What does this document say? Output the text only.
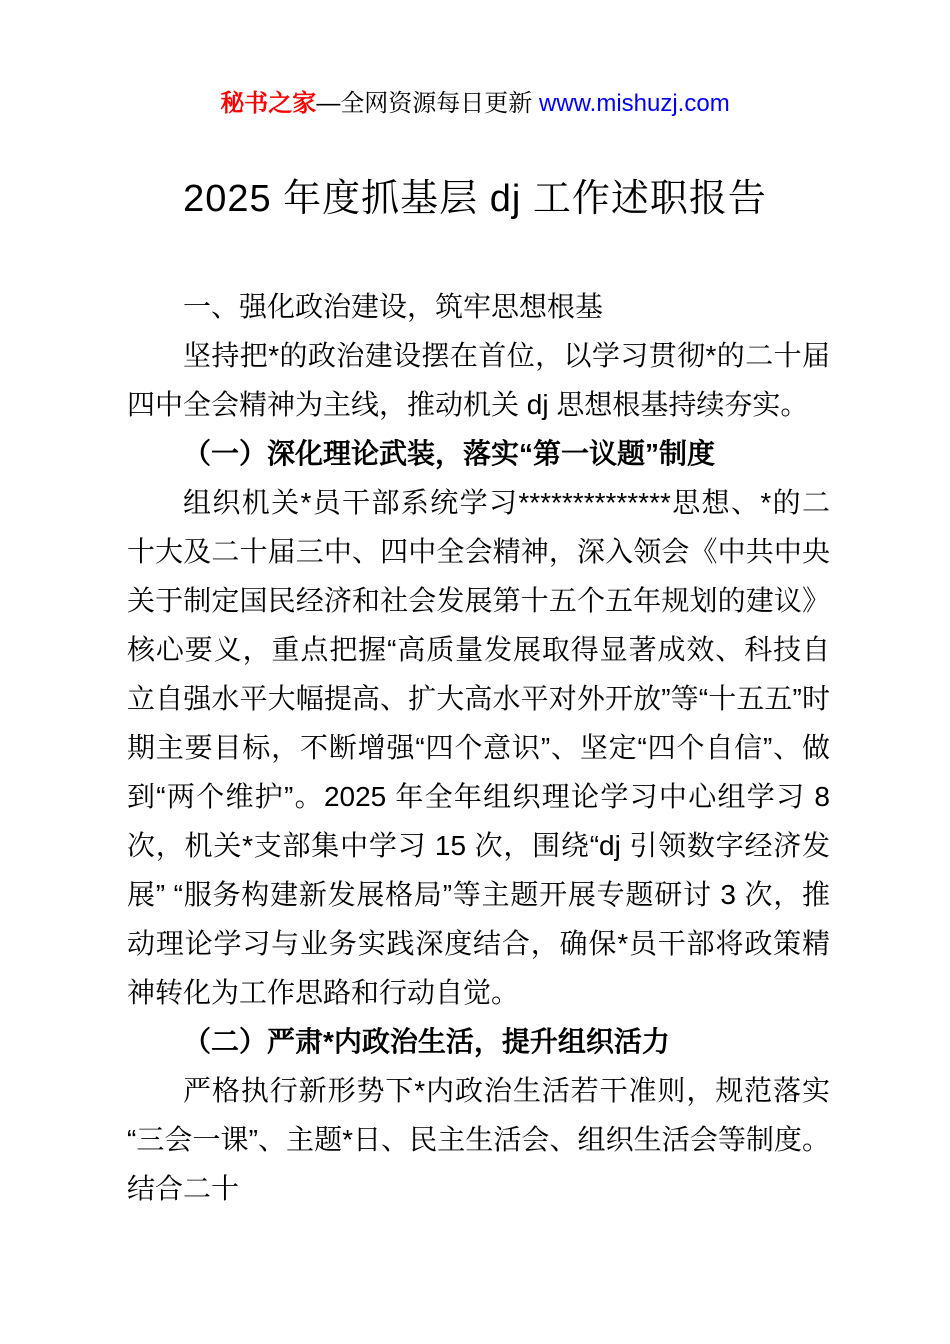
秘书之家—全网资源每日更新 www.mishuzj.com
2025 年度抓基层 dj 工作述职报告

一、强化政治建设，筑牢思想根基

坚持把*的政治建设摆在首位，以学习贯彻*的二十届四中全会精神为主线，推动机关 dj 思想根基持续夯实。

（一）深化理论武装，落实“第一议题”制度

组织机关*员干部系统学习**************思想、*的二十大及二十届三中、四中全会精神，深入领会《中共中央关于制定国民经济和社会发展第十五个五年规划的建议》核心要义，重点把握“高质量发展取得显著成效、科技自立自强水平大幅提高、扩大高水平对外开放”等“十五五”时期主要目标，不断增强“四个意识”、坚定“四个自信”、做到“两个维护”。2025 年全年组织理论学习中心组学习 8 次，机关*支部集中学习 15 次，围绕“dj 引领数字经济发展” “服务构建新发展格局”等主题开展专题研讨 3 次，推动理论学习与业务实践深度结合，确保*员干部将政策精神转化为工作思路和行动自觉。

（二）严肃*内政治生活，提升组织活力

严格执行新形势下*内政治生活若干准则，规范落实“三会一课”、主题*日、民主生活会、组织生活会等制度。结合二十
